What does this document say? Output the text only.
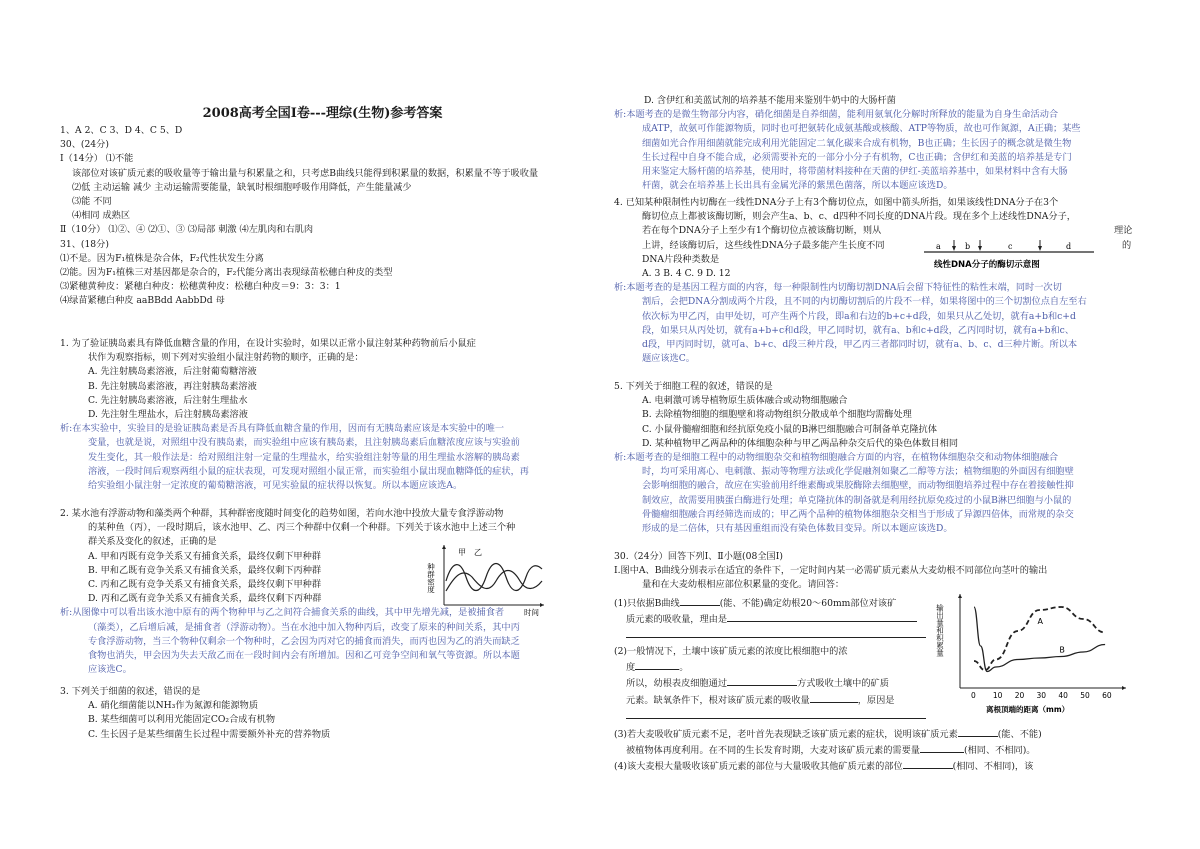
2008高考全国Ⅰ卷---理综(生物)参考答案

1、A 2、C 3、D 4、C 5、D

30、(24分)

Ⅰ（14分） ⑴不能

该部位对该矿质元素的吸收量等于输出量与积累量之和，只考虑B曲线只能得到积累量的数据，积累量不等于吸收量

⑵低 主动运输 减少 主动运输需要能量，缺氧时根细胞呼吸作用降低，产生能量减少

⑶能 不同

⑷相同 成熟区

Ⅱ（10分） ⑴②、④ ⑵①、③ ⑶局部 刺激 ⑷左肌肉和右肌肉

31、(18分)

⑴不是。因为F₁植株是杂合体，F₂代性状发生分离

⑵能。因为F₁植株三对基因都是杂合的，F₂代能分离出表现绿苗松穗白种皮的类型

⑶紧穗黄种皮：紧穗白种皮：松穗黄种皮：松穗白种皮＝9：3：3：1

⑷绿苗紧穗白种皮 aaBBdd AabbDd 母

1. 为了验证胰岛素具有降低血糖含量的作用，在设计实验时，如果以正常小鼠注射某种药物前后小鼠症

状作为观察指标，则下列对实验组小鼠注射药物的顺序，正确的是：

A. 先注射胰岛素溶液，后注射葡萄糖溶液

B. 先注射胰岛素溶液，再注射胰岛素溶液

C. 先注射胰岛素溶液，后注射生理盐水

D. 先注射生理盐水，后注射胰岛素溶液

析:在本实验中，实验目的是验证胰岛素是否具有降低血糖含量的作用，因而有无胰岛素应该是本实验中的唯一

变量，也就是说，对照组中没有胰岛素，而实验组中应该有胰岛素，且注射胰岛素后血糖浓度应该与实验前

发生变化，其一般作法是：给对照组注射一定量的生理盐水，给实验组注射等量的用生理盐水溶解的胰岛素

溶液，一段时间后观察两组小鼠的症状表现，可发现对照组小鼠正常，而实验组小鼠出现血糖降低的症状，再

给实验组小鼠注射一定浓度的葡萄糖溶液，可见实验鼠的症状得以恢复。所以本题应该选A。

2. 某水池有浮游动物和藻类两个种群，其种群密度随时间变化的趋势如图，若向水池中投放大量专食浮游动物

的某种鱼（丙），一段时期后，该水池甲、乙、丙三个种群中仅剩一个种群。下列关于该水池中上述三个种

群关系及变化的叙述，正确的是

A. 甲和丙既有竞争关系又有捕食关系，最终仅剩下甲种群

B. 甲和乙既有竞争关系又有捕食关系，最终仅剩下丙种群

C. 丙和乙既有竞争关系又有捕食关系，最终仅剩下甲种群

D. 丙和乙既有竞争关系又有捕食关系，最终仅剩下丙种群

析:从图像中可以看出该水池中原有的两个物种甲与乙之间符合捕食关系的曲线，其中甲先增先减，是被捕食者

（藻类），乙后增后减，是捕食者（浮游动物）。当在水池中加入物种丙后，改变了原来的种间关系，其中丙

专食浮游动物，当三个物种仅剩余一个物种时，乙会因为丙对它的捕食而消失，而丙也因为乙的消失而缺乏

食物也消失，甲会因为失去天敌乙而在一段时间内会有所增加。因和乙可竞争空间和氧气等资源。所以本题

应该选C。

种群密度
甲 乙
时间

3. 下列关于细菌的叙述，错误的是

A. 硝化细菌能以NH₃作为氮源和能源物质

B. 某些细菌可以利用光能固定CO₂合成有机物

C. 生长因子是某些细菌生长过程中需要额外补充的营养物质

D. 含伊红和美蓝试剂的培养基不能用来鉴别牛奶中的大肠杆菌

析:本题考查的是微生物部分内容，硝化细菌是自养细菌，能利用氨氧化分解时所释放的能量为自身生命活动合

成ATP，故氨可作能源物质，同时也可把氨转化成氨基酸或核酸、ATP等物质，故也可作氮源，A正确；某些

细菌如光合作用细菌就能完成利用光能固定二氧化碳来合成有机物，B也正确；生长因子的概念就是微生物

生长过程中自身不能合成，必须需要补充的一部分小分子有机物，C也正确；含伊红和美蓝的培养基是专门

用来鉴定大肠杆菌的培养基，使用时，将带菌材料接种在天菌的伊红-美蓝培养基中，如果材料中含有大肠

杆菌，就会在培养基上长出具有金属光泽的紫黑色菌落，所以本题应该选D。

4. 已知某种限制性内切酶在一线性DNA分子上有3个酶切位点，如图中箭头所指，如果该线性DNA分子在3个

酶切位点上都被该酶切断，则会产生a、b、c、d四种不同长度的DNA片段。现在多个上述线性DNA分子，

若在每个DNA分子上至少有1个酶切位点被该酶切断，则从	理论

上讲，经该酶切后，这些线性DNA分子最多能产生长度不同	的

DNA片段种类数是

A. 3 B. 4 C. 9 D. 12

a	b	c	d
线性DNA分子的酶切示意图

析:本题考查的是基因工程方面的内容，每一种限制性内切酶切割DNA后会留下特征性的粘性末端，同时一次切

割后，会把DNA分割成两个片段，且不同的内切酶切割后的片段不一样，如果将图中的三个切割位点自左至右

依次标为甲乙丙，由甲处切，可产生两个片段，即a和右边的b+c+d段，如果只从乙处切，就有a+b和c+d

段，如果只从丙处切，就有a+b+c和d段，甲乙同时切，就有a、b和c+d段，乙丙同时切，就有a+b和c、

d段，甲丙同时切，就可a、b+c、d段三种片段，甲乙丙三者都同时切，就有a、b、c、d三种片断。所以本

题应该选C。

5. 下列关于细胞工程的叙述，错误的是

A. 电刺激可诱导植物原生质体融合或动物细胞融合

B. 去除植物细胞的细胞壁和将动物组织分散成单个细胞均需酶处理

C. 小鼠骨髓瘤细胞和经抗原免疫小鼠的B淋巴细胞融合可制备单克隆抗体

D. 某种植物甲乙两品种的体细胞杂种与甲乙两品种杂交后代的染色体数目相同

析:本题考查的是细胞工程中的动物细胞杂交和植物细胞融合方面的内容，在植物体细胞杂交和动物体细胞融合

时，均可采用离心、电刺激、振动等物理方法或化学促融剂如聚乙二醇等方法；植物细胞的外面因有细胞壁

会影响细胞的融合，故应在实验前用纤维素酶或果胶酶除去细胞壁，而动物细胞培养过程中存在着接触性抑

制效应，故需要用胰蛋白酶进行处理；单克隆抗体的制备就是利用经抗原免疫过的小鼠B淋巴细胞与小鼠的

骨髓瘤细胞融合再经筛选而成的；甲乙两个品种的植物体细胞杂交相当于形成了异源四倍体，而常规的杂交

形成的是二倍体，只有基因重组而没有染色体数目变异。所以本题应该选D。

30.（24分）回答下列Ⅰ、Ⅱ小题(08全国Ⅰ)

Ⅰ.图中A、B曲线分别表示在适宜的条件下，一定时间内某一必需矿质元素从大麦幼根不同部位向茎叶的输出

量和在大麦幼根相应部位积累量的变化。请回答：

(1)只依据B曲线	(能、不能)确定幼根20～60mm部位对该矿

质元素的吸收量，理由是

(2)一般情况下，土壤中该矿质元素的浓度比根细胞中的浓

度	。

所以，幼根表皮细胞通过	方式吸收土壤中的矿质

元素。缺氧条件下，根对该矿质元素的吸收量	，原因是

(3)若大麦吸收矿质元素不足，老叶首先表现缺乏该矿质元素的症状，说明该矿质元素	(能、不能)

被植物体再度利用。在不同的生长发育时期，大麦对该矿质元素的需要量	(相同、不相同)。

(4)该大麦根大量吸收该矿质元素的部位与大量吸收其他矿质元素的部位	(相同、不相同)，该

输出量和积累量
离根顶端的距离（mm）
0 10 20 30 40 50 60
A
B
